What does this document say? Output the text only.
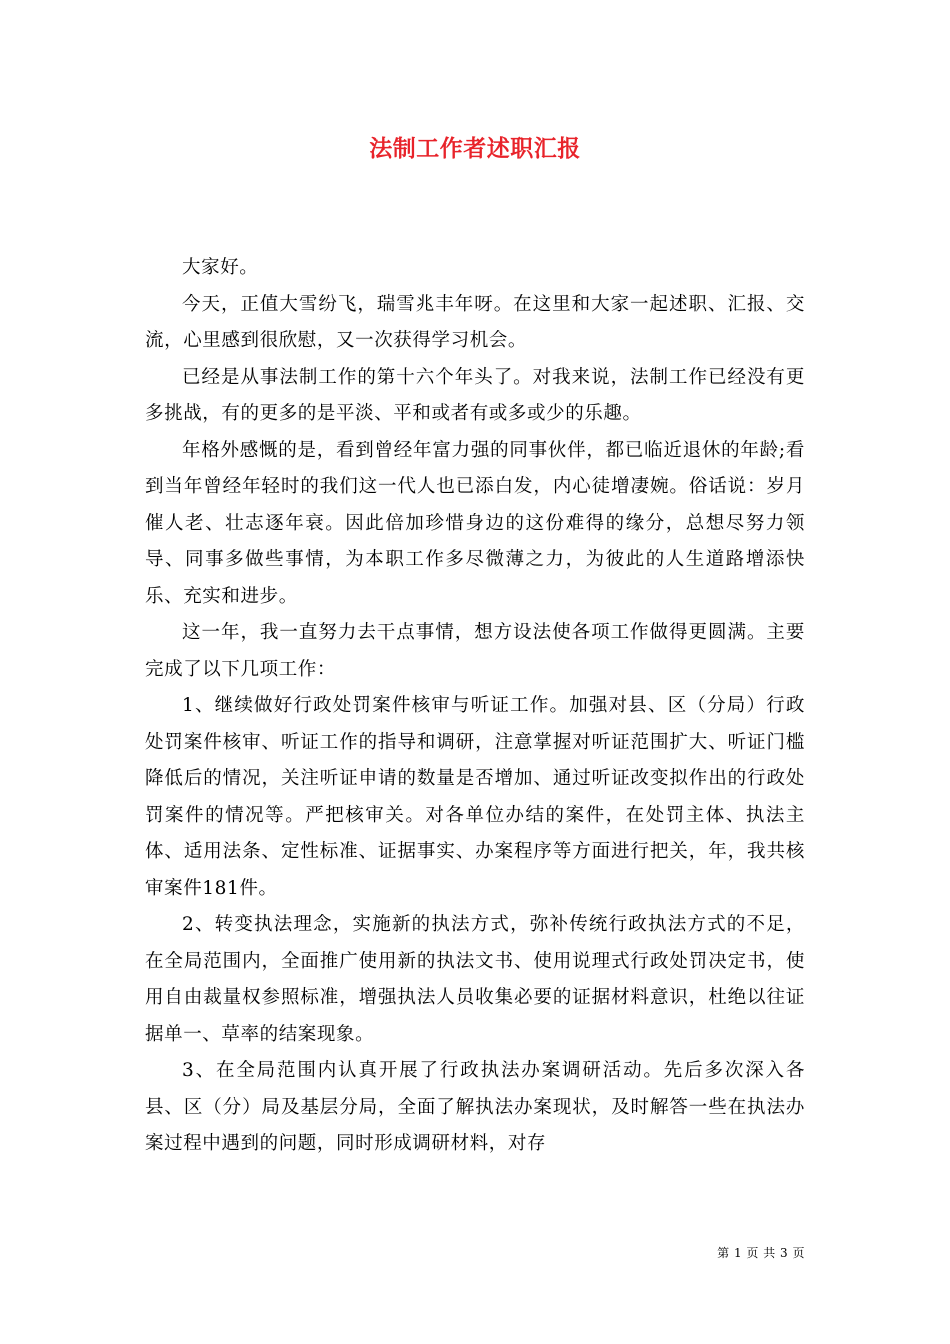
法制工作者述职汇报

大家好。

今天，正值大雪纷飞，瑞雪兆丰年呀。在这里和大家一起述职、汇报、交流，心里感到很欣慰，又一次获得学习机会。

已经是从事法制工作的第十六个年头了。对我来说，法制工作已经没有更多挑战，有的更多的是平淡、平和或者有或多或少的乐趣。

年格外感慨的是，看到曾经年富力强的同事伙伴，都已临近退休的年龄;看到当年曾经年轻时的我们这一代人也已添白发，内心徒增凄婉。俗话说：岁月催人老、壮志逐年衰。因此倍加珍惜身边的这份难得的缘分，总想尽努力领导、同事多做些事情，为本职工作多尽微薄之力，为彼此的人生道路增添快乐、充实和进步。

这一年，我一直努力去干点事情，想方设法使各项工作做得更圆满。主要完成了以下几项工作：

1、继续做好行政处罚案件核审与听证工作。加强对县、区（分局）行政处罚案件核审、听证工作的指导和调研，注意掌握对听证范围扩大、听证门槛降低后的情况，关注听证申请的数量是否增加、通过听证改变拟作出的行政处罚案件的情况等。严把核审关。对各单位办结的案件，在处罚主体、执法主体、适用法条、定性标准、证据事实、办案程序等方面进行把关，年，我共核审案件181件。

2、转变执法理念，实施新的执法方式，弥补传统行政执法方式的不足，在全局范围内，全面推广使用新的执法文书、使用说理式行政处罚决定书，使用自由裁量权参照标准，增强执法人员收集必要的证据材料意识，杜绝以往证据单一、草率的结案现象。

3、在全局范围内认真开展了行政执法办案调研活动。先后多次深入各县、区（分）局及基层分局，全面了解执法办案现状，及时解答一些在执法办案过程中遇到的问题，同时形成调研材料，对存

第 1 页 共 3 页
